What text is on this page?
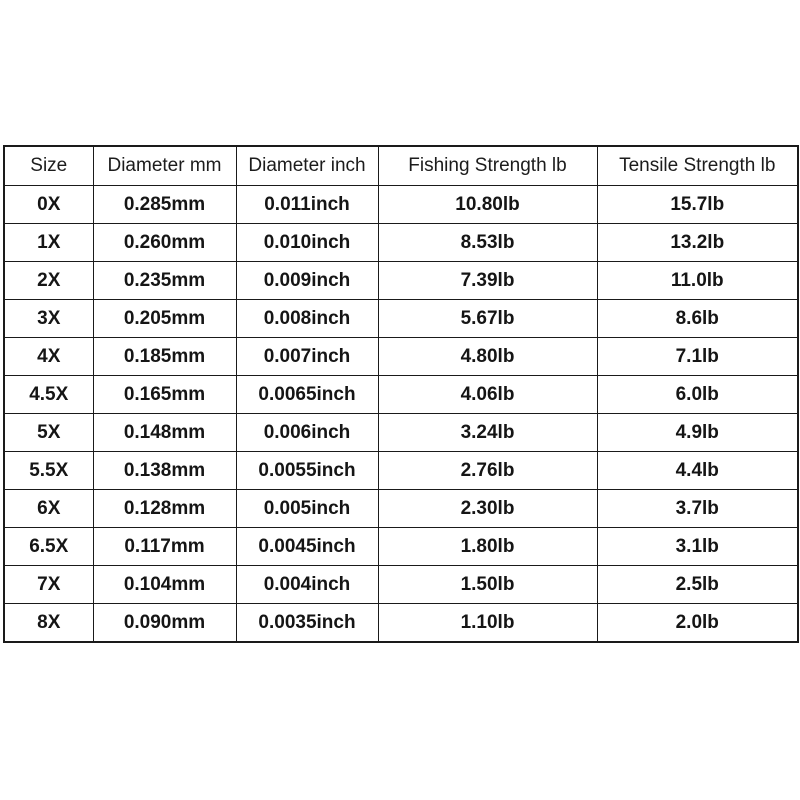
Size	Diameter mm	Diameter inch	Fishing Strength lb	Tensile Strength lb
0X	0.285mm	0.011inch	10.80lb	15.7lb
1X	0.260mm	0.010inch	8.53lb	13.2lb
2X	0.235mm	0.009inch	7.39lb	11.0lb
3X	0.205mm	0.008inch	5.67lb	8.6lb
4X	0.185mm	0.007inch	4.80lb	7.1lb
4.5X	0.165mm	0.0065inch	4.06lb	6.0lb
5X	0.148mm	0.006inch	3.24lb	4.9lb
5.5X	0.138mm	0.0055inch	2.76lb	4.4lb
6X	0.128mm	0.005inch	2.30lb	3.7lb
6.5X	0.117mm	0.0045inch	1.80lb	3.1lb
7X	0.104mm	0.004inch	1.50lb	2.5lb
8X	0.090mm	0.0035inch	1.10lb	2.0lb
